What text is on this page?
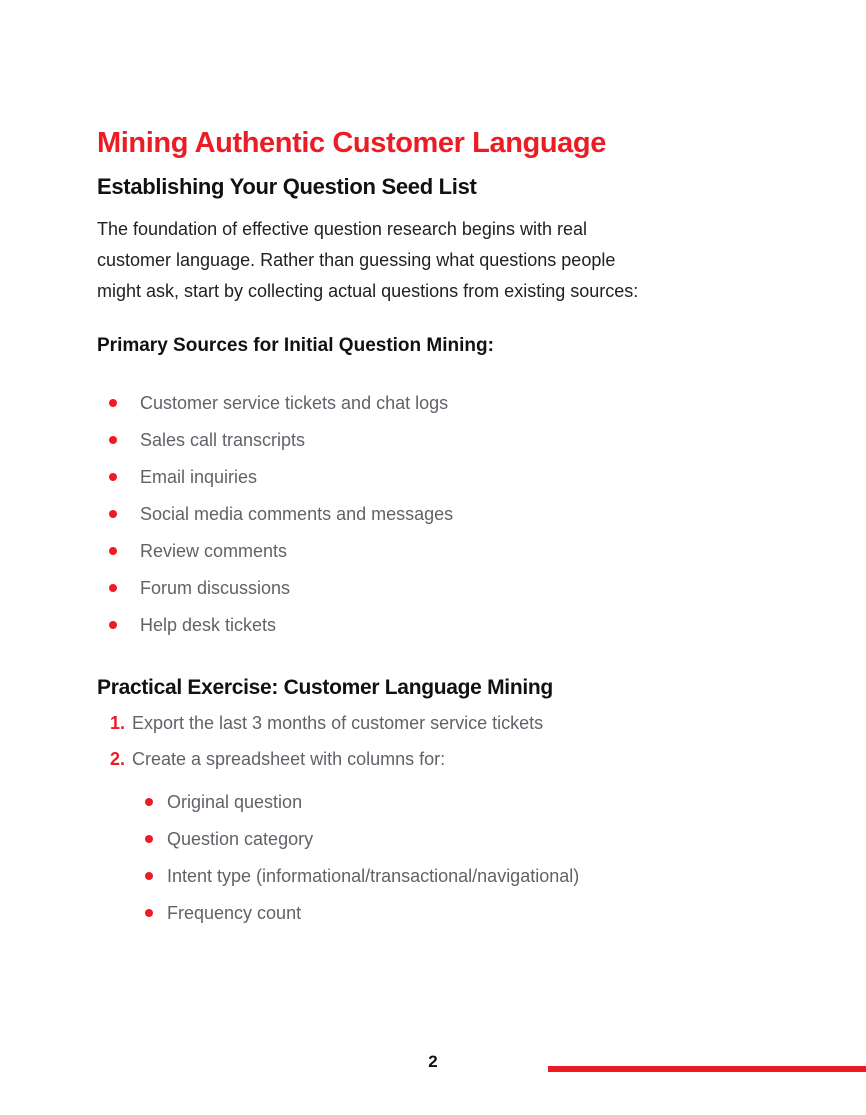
Mining Authentic Customer Language
Establishing Your Question Seed List

The foundation of effective question research begins with real customer language. Rather than guessing what questions people might ask, start by collecting actual questions from existing sources:

Primary Sources for Initial Question Mining:
Customer service tickets and chat logs
Sales call transcripts
Email inquiries
Social media comments and messages
Review comments
Forum discussions
Help desk tickets
Practical Exercise: Customer Language Mining
1. Export the last 3 months of customer service tickets
2. Create a spreadsheet with columns for:
Original question
Question category
Intent type (informational/transactional/navigational)
Frequency count
2
